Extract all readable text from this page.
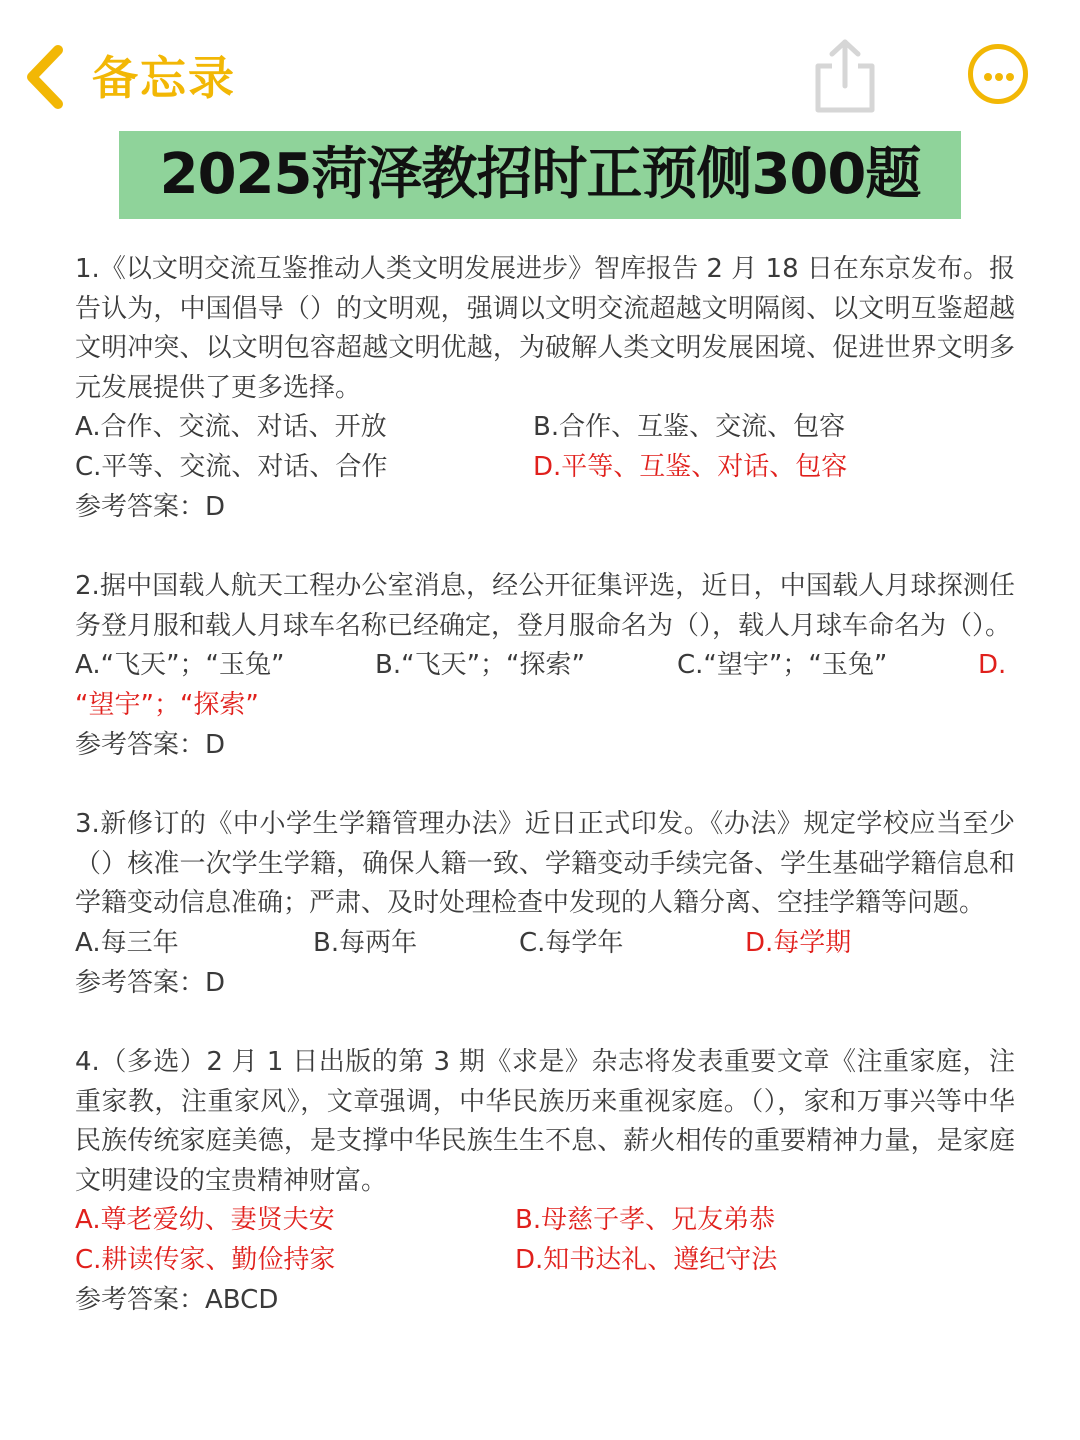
备忘录
2025菏泽教招时正预侧300题

1.《以文明交流互鉴推动人类文明发展进步》智库报告 2 月 18 日在东京发布。报告认为，中国倡导（）的文明观，强调以文明交流超越文明隔阂、以文明互鉴超越文明冲突、以文明包容超越文明优越，为破解人类文明发展困境、促进世界文明多元发展提供了更多选择。

A.合作、交流、对话、开放	B.合作、互鉴、交流、包容
C.平等、交流、对话、合作	D.平等、互鉴、对话、包容
参考答案：D

2.据中国载人航天工程办公室消息，经公开征集评选，近日，中国载人月球探测任务登月服和载人月球车名称已经确定，登月服命名为（），载人月球车命名为（）。

A.“飞天”；“玉兔”	B.“飞天”；“探索”	C.“望宇”；“玉兔”	D.
“望宇”；“探索”
参考答案：D

3.新修订的《中小学生学籍管理办法》近日正式印发。《办法》规定学校应当至少（）核准一次学生学籍，确保人籍一致、学籍变动手续完备、学生基础学籍信息和学籍变动信息准确；严肃、及时处理检查中发现的人籍分离、空挂学籍等问题。

A.每三年	B.每两年	C.每学年	D.每学期
参考答案：D

4.（多选）2 月 1 日出版的第 3 期《求是》杂志将发表重要文章《注重家庭，注重家教，注重家风》，文章强调，中华民族历来重视家庭。（），家和万事兴等中华民族传统家庭美德，是支撑中华民族生生不息、薪火相传的重要精神力量，是家庭文明建设的宝贵精神财富。

A.尊老爱幼、妻贤夫安	B.母慈子孝、兄友弟恭
C.耕读传家、勤俭持家	D.知书达礼、遵纪守法
参考答案：ABCD
